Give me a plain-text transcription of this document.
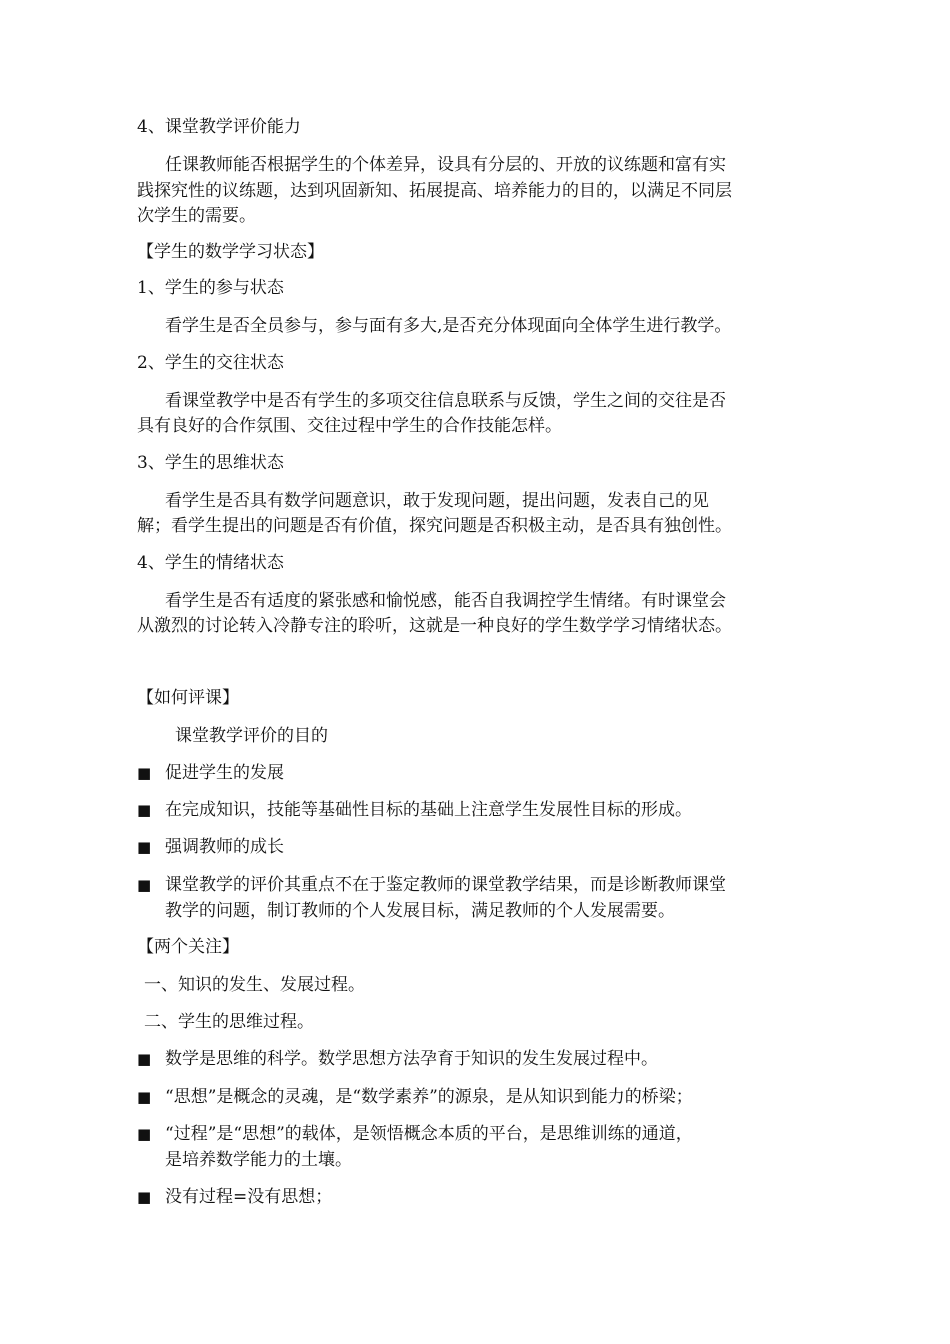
4、课堂教学评价能力
任课教师能否根据学生的个体差异，设具有分层的、开放的议练题和富有实
践探究性的议练题，达到巩固新知、拓展提高、培养能力的目的，以满足不同层
次学生的需要。
【学生的数学学习状态】
1、学生的参与状态
看学生是否全员参与，参与面有多大,是否充分体现面向全体学生进行教学。
2、学生的交往状态
看课堂教学中是否有学生的多项交往信息联系与反馈，学生之间的交往是否
具有良好的合作氛围、交往过程中学生的合作技能怎样。
3、学生的思维状态
看学生是否具有数学问题意识，敢于发现问题，提出问题，发表自己的见
解；看学生提出的问题是否有价值，探究问题是否积极主动，是否具有独创性。
4、学生的情绪状态
看学生是否有适度的紧张感和愉悦感，能否自我调控学生情绪。有时课堂会
从激烈的讨论转入冷静专注的聆听，这就是一种良好的学生数学学习情绪状态。
【如何评课】
课堂教学评价的目的
■ 促进学生的发展
■ 在完成知识，技能等基础性目标的基础上注意学生发展性目标的形成。
■ 强调教师的成长
■ 课堂教学的评价其重点不在于鉴定教师的课堂教学结果，而是诊断教师课堂
教学的问题，制订教师的个人发展目标，满足教师的个人发展需要。
【两个关注】
一、知识的发生、发展过程。
二、学生的思维过程。
■ 数学是思维的科学。数学思想方法孕育于知识的发生发展过程中。
■ “思想”是概念的灵魂，是“数学素养”的源泉，是从知识到能力的桥梁；
■ “过程”是“思想”的载体，是领悟概念本质的平台，是思维训练的通道，
是培养数学能力的土壤。
■ 没有过程=没有思想；
